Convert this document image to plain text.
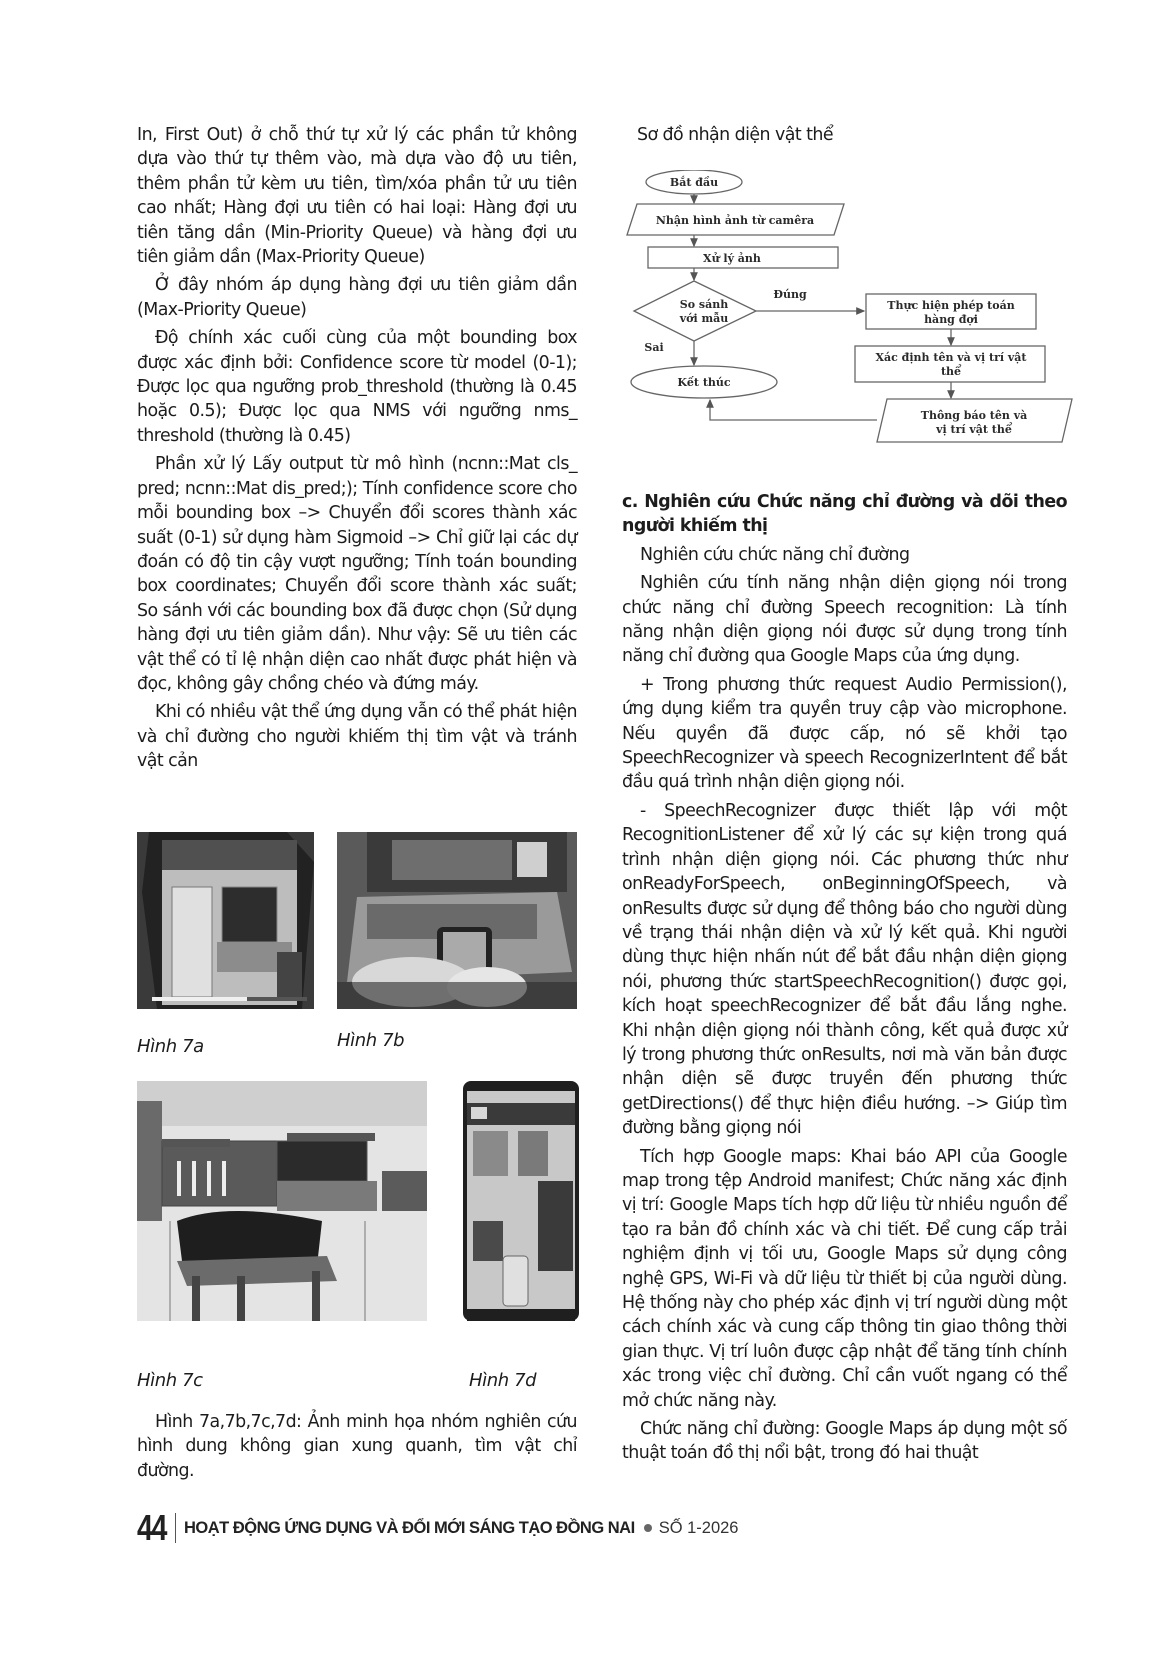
In, First Out) ở chỗ thứ tự xử lý các phần tử không dựa vào thứ tự thêm vào, mà dựa vào độ ưu tiên, thêm phần tử kèm ưu tiên, tìm/xóa phần tử ưu tiên cao nhất; Hàng đợi ưu tiên có hai loại: Hàng đợi ưu tiên tăng dần (Min-Priority Queue) và hàng đợi ưu tiên giảm dần (Max-Priority Queue)

Ở đây nhóm áp dụng hàng đợi ưu tiên giảm dần (Max-Priority Queue)

Độ chính xác cuối cùng của một bounding box được xác định bởi: Confidence score từ model (0-1); Được lọc qua ngưỡng prob_threshold (thường là 0.45 hoặc 0.5); Được lọc qua NMS với ngưỡng nms_ threshold (thường là 0.45)

Phần xử lý Lấy output từ mô hình (ncnn::Mat cls_ pred; ncnn::Mat dis_pred;); Tính confidence score cho mỗi bounding box –> Chuyển đổi scores thành xác suất (0-1) sử dụng hàm Sigmoid –> Chỉ giữ lại các dự đoán có độ tin cậy vượt ngưỡng; Tính toán bounding box coordinates; Chuyển đổi score thành xác suất; So sánh với các bounding box đã được chọn (Sử dụng hàng đợi ưu tiên giảm dần). Như vậy: Sẽ ưu tiên các vật thể có tỉ lệ nhận diện cao nhất được phát hiện và đọc, không gây chồng chéo và đứng máy.

Khi có nhiều vật thể ứng dụng vẫn có thể phát hiện và chỉ đường cho người khiếm thị tìm vật và tránh vật cản

Hình 7a	Hình 7b
Hình 7c	Hình 7d

Hình 7a,7b,7c,7d: Ảnh minh họa nhóm nghiên cứu hình dung không gian xung quanh, tìm vật chỉ đường.

Sơ đồ nhận diện vật thể

Bắt đầu
Nhận hình ảnh từ camêra
Xử lý ảnh
So sánh
với mẫu
Đúng
Sai
Kết thúc
Thực hiện phép toán
hàng đợi
Xác định tên và vị trí vật
thể
Thông báo tên và
vị trí vật thể

c. Nghiên cứu Chức năng chỉ đường và dõi theo người khiếm thị

Nghiên cứu chức năng chỉ đường

Nghiên cứu tính năng nhận diện giọng nói trong chức năng chỉ đường Speech recognition: Là tính năng nhận diện giọng nói được sử dụng trong tính năng chỉ đường qua Google Maps của ứng dụng.

+ Trong phương thức request Audio Permission(), ứng dụng kiểm tra quyền truy cập vào microphone. Nếu quyền đã được cấp, nó sẽ khởi tạo SpeechRecognizer và speech RecognizerIntent để bắt đầu quá trình nhận diện giọng nói.

- SpeechRecognizer được thiết lập với một RecognitionListener để xử lý các sự kiện trong quá trình nhận diện giọng nói. Các phương thức như onReadyForSpeech, onBeginningOfSpeech, và onResults được sử dụng để thông báo cho người dùng về trạng thái nhận diện và xử lý kết quả. Khi người dùng thực hiện nhấn nút để bắt đầu nhận diện giọng nói, phương thức startSpeechRecognition() được gọi, kích hoạt speechRecognizer để bắt đầu lắng nghe. Khi nhận diện giọng nói thành công, kết quả được xử lý trong phương thức onResults, nơi mà văn bản được nhận diện sẽ được truyền đến phương thức getDirections() để thực hiện điều hướng. –> Giúp tìm đường bằng giọng nói

Tích hợp Google maps: Khai báo API của Google map trong tệp Android manifest; Chức năng xác định vị trí: Google Maps tích hợp dữ liệu từ nhiều nguồn để tạo ra bản đồ chính xác và chi tiết. Để cung cấp trải nghiệm định vị tối ưu, Google Maps sử dụng công nghệ GPS, Wi-Fi và dữ liệu từ thiết bị của người dùng. Hệ thống này cho phép xác định vị trí người dùng một cách chính xác và cung cấp thông tin giao thông thời gian thực. Vị trí luôn được cập nhật để tăng tính chính xác trong việc chỉ đường. Chỉ cần vuốt ngang có thể mở chức năng này.

Chức năng chỉ đường: Google Maps áp dụng một số thuật toán đồ thị nổi bật, trong đó hai thuật

44 HOẠT ĐỘNG ỨNG DỤNG VÀ ĐỔI MỚI SÁNG TẠO ĐỒNG NAI SỐ 1-2026
